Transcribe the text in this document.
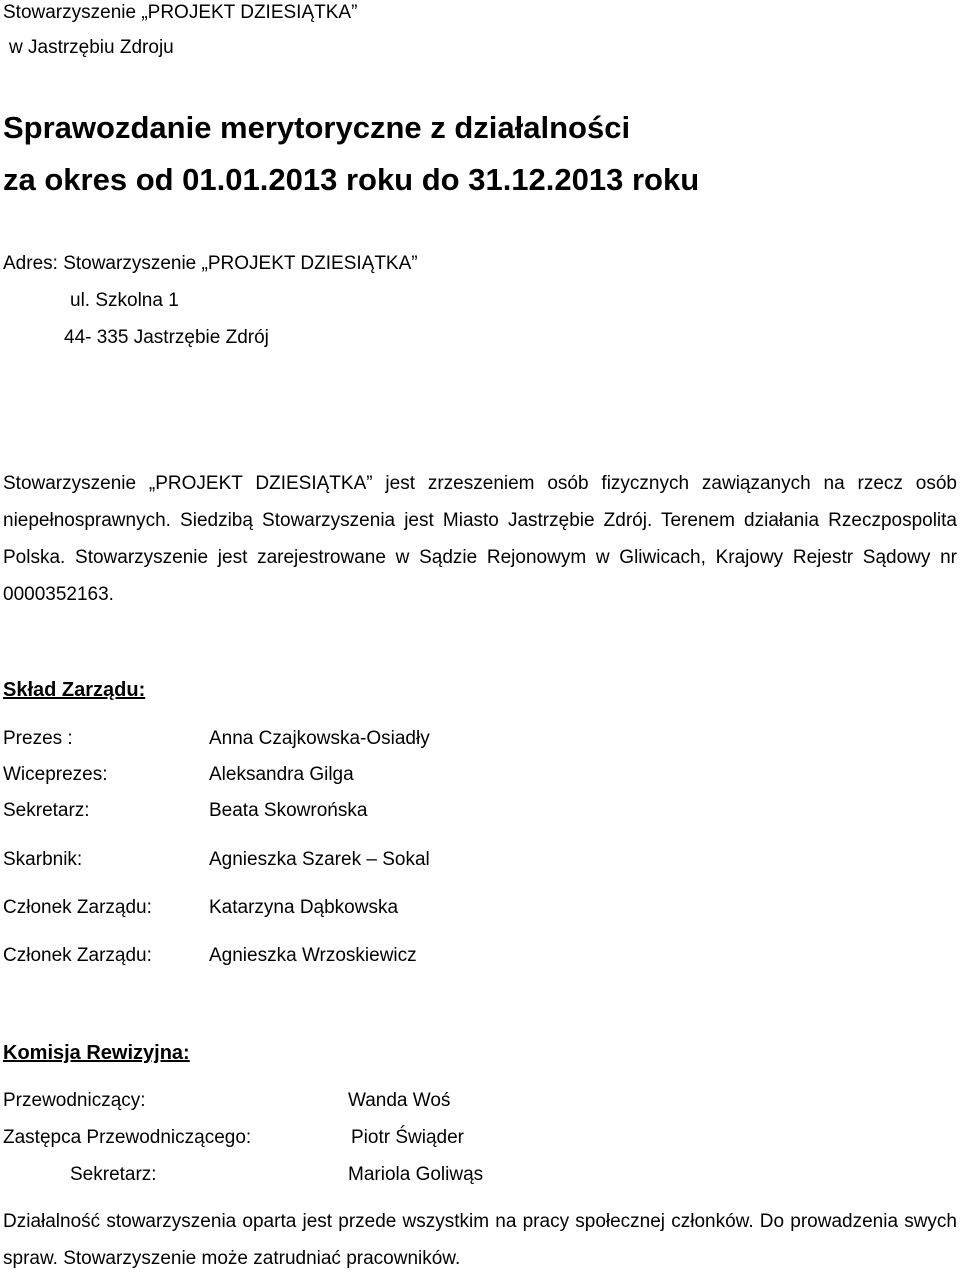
Stowarzyszenie „PROJEKT DZIESIĄTKA”
w Jastrzębiu Zdroju
Sprawozdanie merytoryczne z działalności
za okres od 01.01.2013 roku do 31.12.2013 roku
Adres: Stowarzyszenie „PROJEKT DZIESIĄTKA”
ul. Szkolna 1
44- 335 Jastrzębie Zdrój
Stowarzyszenie „PROJEKT DZIESIĄTKA” jest zrzeszeniem osób fizycznych zawiązanych na rzecz osób niepełnosprawnych. Siedzibą Stowarzyszenia jest Miasto Jastrzębie Zdrój. Terenem działania Rzeczpospolita Polska. Stowarzyszenie jest zarejestrowane w Sądzie Rejonowym w Gliwicach, Krajowy Rejestr Sądowy nr 0000352163.
Skład Zarządu:
Prezes :	Anna Czajkowska-Osiadły
Wiceprezes:	Aleksandra Gilga
Sekretarz:	Beata Skowrońska
Skarbnik:	Agnieszka Szarek – Sokal
Członek Zarządu:	Katarzyna Dąbkowska
Członek Zarządu:	Agnieszka Wrzoskiewicz
Komisja Rewizyjna:
Przewodniczący:	Wanda Woś
Zastępca Przewodniczącego:	Piotr Świąder
Sekretarz:	Mariola Goliwąs
Działalność stowarzyszenia oparta jest przede wszystkim na pracy społecznej członków. Do prowadzenia swych spraw. Stowarzyszenie może zatrudniać pracowników.
